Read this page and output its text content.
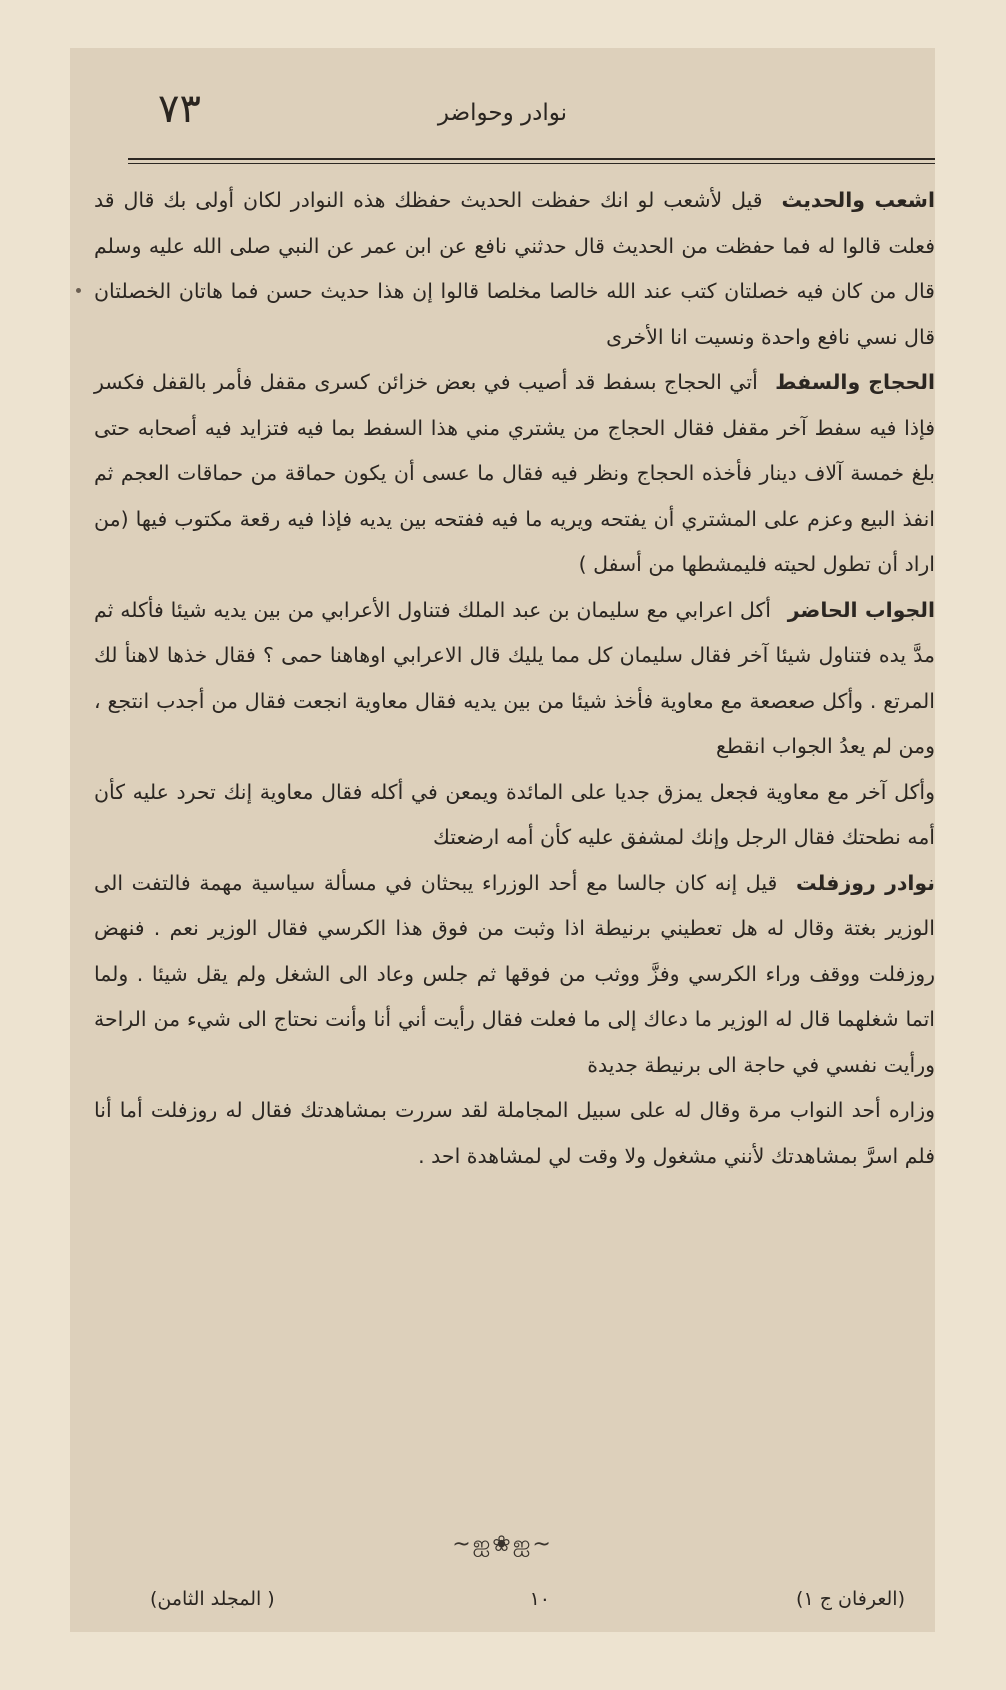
٧٣	نوادر وحواضر

اشعب والحديث قيل لأشعب لو انك حفظت الحديث حفظك هذه النوادر لكان أولى بك قال قد فعلت قالوا له فما حفظت من الحديث قال حدثني نافع عن ابن عمر عن النبي صلى الله عليه وسلم قال من كان فيه خصلتان كتب عند الله خالصا مخلصا قالوا إن هذا حديث حسن فما هاتان الخصلتان قال نسي نافع واحدة ونسيت انا الأخرى

الحجاج والسفط أتي الحجاج بسفط قد أصيب في بعض خزائن كسرى مقفل فأمر بالقفل فكسر فإذا فيه سفط آخر مقفل فقال الحجاج من يشتري مني هذا السفط بما فيه فتزايد فيه أصحابه حتى بلغ خمسة آلاف دينار فأخذه الحجاج ونظر فيه فقال ما عسى أن يكون حماقة من حماقات العجم ثم انفذ البيع وعزم على المشتري أن يفتحه ويريه ما فيه ففتحه بين يديه فإذا فيه رقعة مكتوب فيها (من اراد أن تطول لحيته فليمشطها من أسفل )

الجواب الحاضر أكل اعرابي مع سليمان بن عبد الملك فتناول الأعرابي من بين يديه شيئا فأكله ثم مدَّ يده فتناول شيئا آخر فقال سليمان كل مما يليك قال الاعرابي اوهاهنا حمى ؟ فقال خذها لاهنأ لك المرتع . وأكل صعصعة مع معاوية فأخذ شيئا من بين يديه فقال معاوية انجعت فقال من أجدب انتجع ، ومن لم يعدُ الجواب انقطع

وأكل آخر مع معاوية فجعل يمزق جديا على المائدة ويمعن في أكله فقال معاوية إنك تحرد عليه كأن أمه نطحتك فقال الرجل وإنك لمشفق عليه كأن أمه ارضعتك

نوادر روزفلت قيل إنه كان جالسا مع أحد الوزراء يبحثان في مسألة سياسية مهمة فالتفت الى الوزير بغتة وقال له هل تعطيني برنيطة اذا وثبت من فوق هذا الكرسي فقال الوزير نعم . فنهض روزفلت ووقف وراء الكرسي وفزَّ ووثب من فوقها ثم جلس وعاد الى الشغل ولم يقل شيئا . ولما اتما شغلهما قال له الوزير ما دعاك إلى ما فعلت فقال رأيت أني أنا وأنت نحتاج الى شيء من الراحة ورأيت نفسي في حاجة الى برنيطة جديدة

وزاره أحد النواب مرة وقال له على سبيل المجاملة لقد سررت بمشاهدتك فقال له روزفلت أما أنا فلم اسرَّ بمشاهدتك لأنني مشغول ولا وقت لي لمشاهدة احد .

~ஐ❀ஐ~
(العرفان ج ١)
١٠
( المجلد الثامن)
